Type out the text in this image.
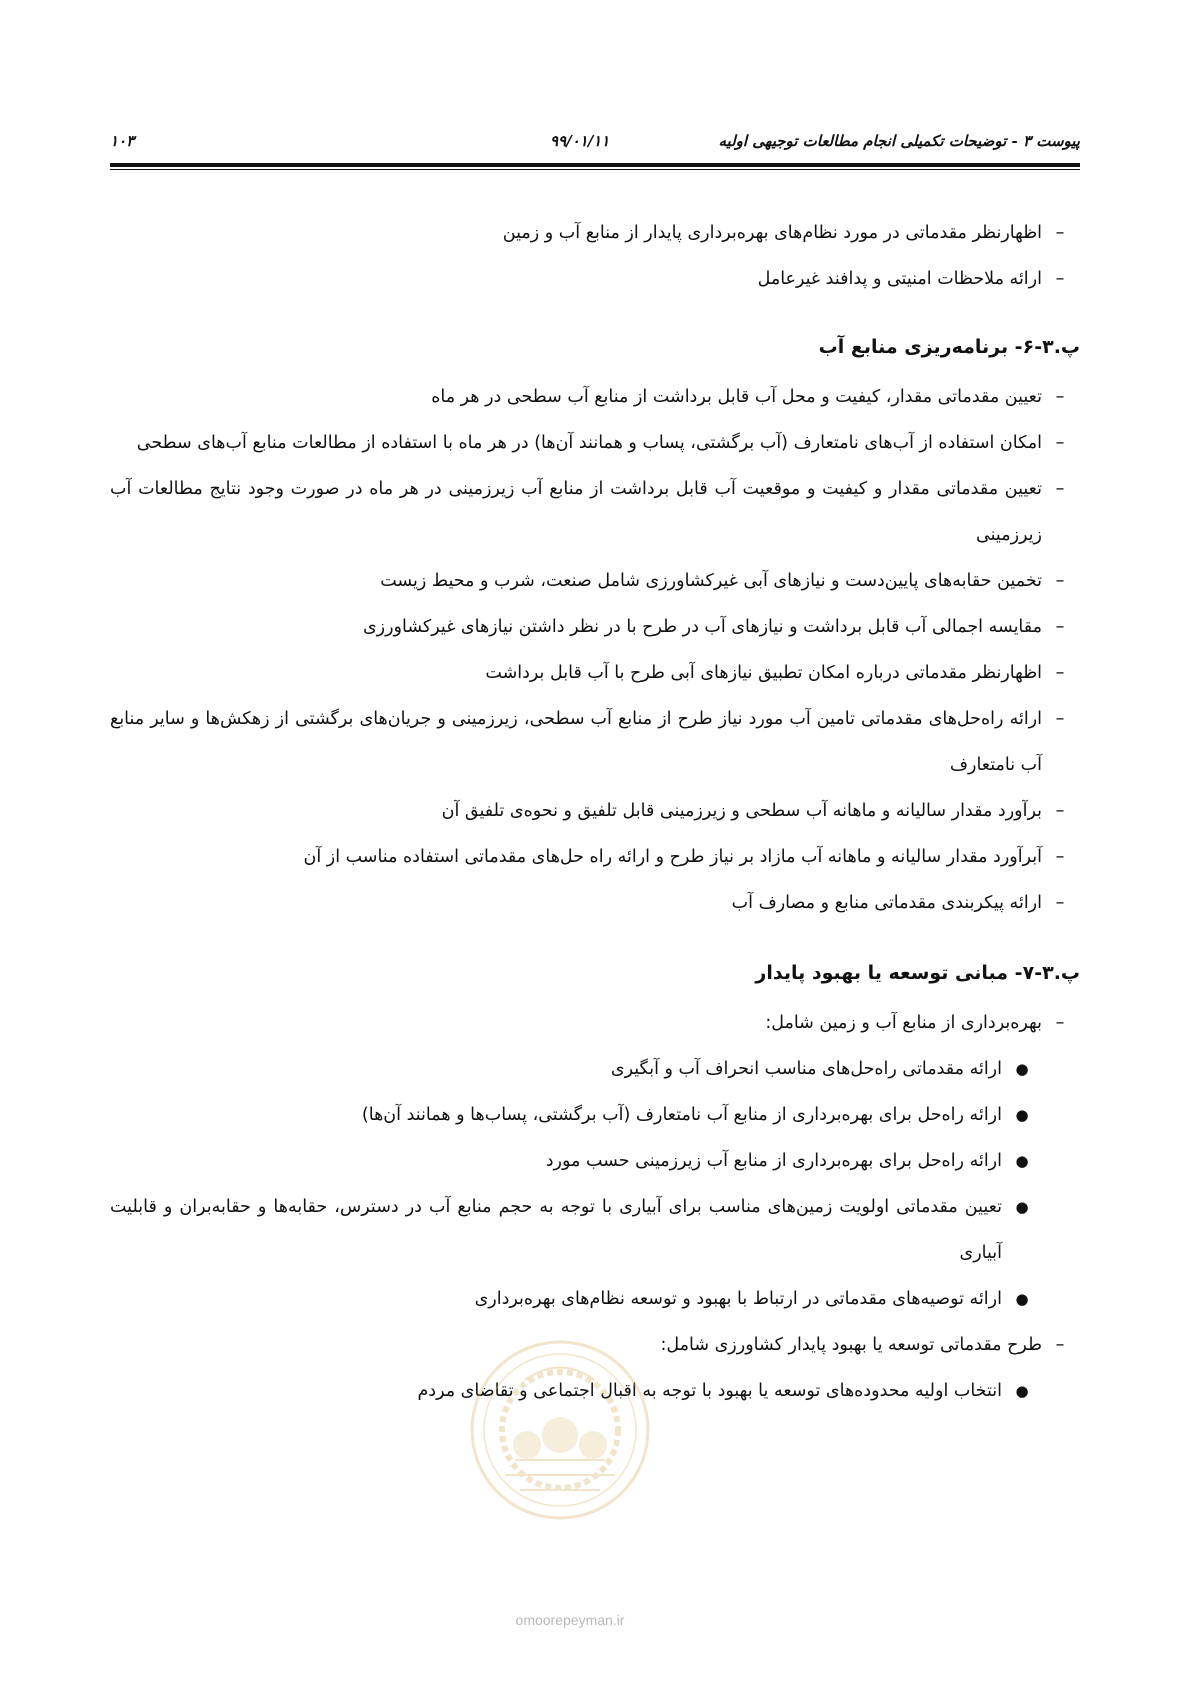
پیوست ۳ - توضیحات تکمیلی انجام مطالعات توجیهی اولیه
۹۹/۰۱/۱۱
۱۰۳
–
اظهارنظر مقدماتی در مورد نظام‌های بهره‌برداری پایدار از منابع آب و زمین
–
ارائه ملاحظات امنیتی و پدافند غیرعامل
پ.۳-۶- برنامه‌ریزی منابع آب
–
تعیین مقدماتی مقدار، کیفیت و محل آب قابل برداشت از منابع آب سطحی در هر ماه
–
امکان استفاده از آب‌های نامتعارف (آب برگشتی، پساب و همانند آن‌ها) در هر ماه با استفاده از مطالعات منابع آب‌های سطحی
–
تعیین مقدماتی مقدار و کیفیت و موقعیت آب قابل برداشت از منابع آب زیرزمینی در هر ماه در صورت وجود نتایج مطالعات آب زیرزمینی
–
تخمین حقابه‌های پایین‌دست و نیازهای آبی غیرکشاورزی شامل صنعت، شرب و محیط زیست
–
مقایسه اجمالی آب قابل برداشت و نیازهای آب در طرح با در نظر داشتن نیازهای غیرکشاورزی
–
اظهارنظر مقدماتی درباره امکان تطبیق نیازهای آبی طرح با آب قابل برداشت
–
ارائه راه‌حل‌های مقدماتی تامین آب مورد نیاز طرح از منابع آب سطحی، زیرزمینی و جریان‌های برگشتی از زهکش‌ها و سایر منابع آب نامتعارف
–
برآورد مقدار سالیانه و ماهانه آب سطحی و زیرزمینی قابل تلفیق و نحوه‌ی تلفیق آن
–
آبرآورد مقدار سالیانه و ماهانه آب مازاد بر نیاز طرح و ارائه راه حل‌های مقدماتی استفاده مناسب از آن
–
ارائه پیکربندی مقدماتی منابع و مصارف آب
پ.۳-۷- مبانی توسعه یا بهبود پایدار
–
بهره‌برداری از منابع آب و زمین شامل:
●
ارائه مقدماتی راه‌حل‌های مناسب انحراف آب و آبگیری
●
ارائه راه‌حل برای بهره‌برداری از منابع آب نامتعارف (آب برگشتی، پساب‌ها و همانند آن‌ها)
●
ارائه راه‌حل برای بهره‌برداری از منابع آب زیرزمینی حسب مورد
●
تعیین مقدماتی اولویت زمین‌های مناسب برای آبیاری با توجه به حجم منابع آب در دسترس، حقابه‌ها و حقابه‌بران و قابلیت آبیاری
●
ارائه توصیه‌های مقدماتی در ارتباط با بهبود و توسعه نظام‌های بهره‌برداری
–
طرح مقدماتی توسعه یا بهبود پایدار کشاورزی شامل:
●
انتخاب اولیه محدوده‌های توسعه یا بهبود با توجه به اقبال اجتماعی و تقاضای مردم
omoorepeyman.ir
